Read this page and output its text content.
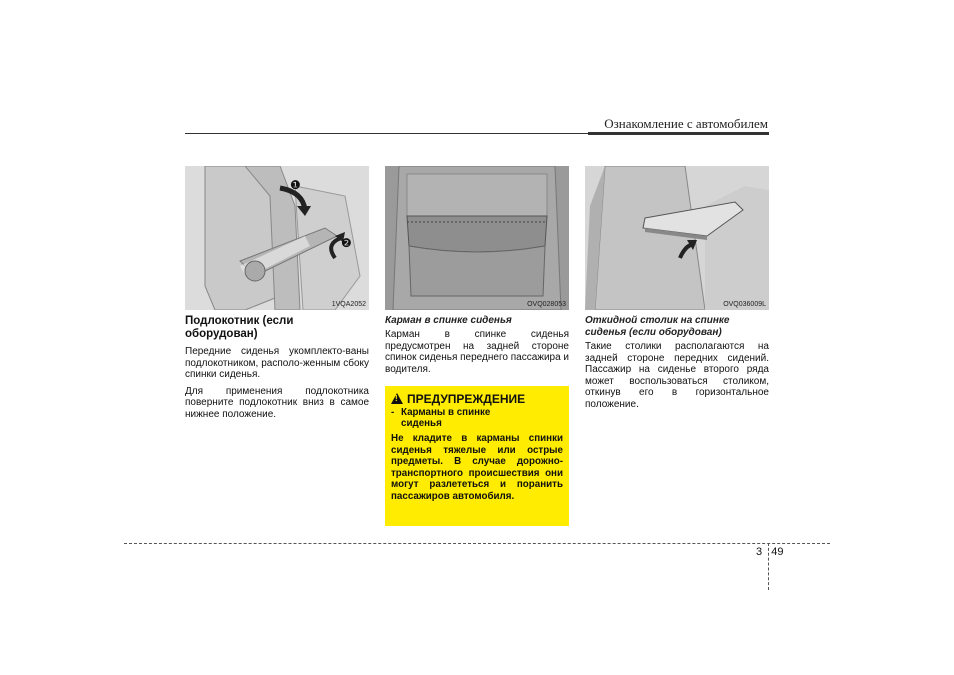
Ознакомление с автомобилем
❶
❷
1VQA2052	OVQ028053	OVQ036009L
Подлокотник (если оборудован)
Передние сиденья укомплекто-ваны подлокотником, располо-женным сбоку спинки сиденья.
Для применения подлокотника поверните подлокотник вниз в самое нижнее положение.
Карман в спинке сиденья
Карман в спинке сиденья предусмотрен на задней стороне спинок сиденья переднего пассажира и водителя.
!ПРЕДУПРЕЖДЕНИЕ
- Карманы в спинке сиденья
Не кладите в карманы спинки сиденья тяжелые или острые предметы. В случае дорожно-транспортного происшествия они могут разлететься и поранить пассажиров автомобиля.
Откидной столик на спинке сиденья (если оборудован)
Такие столики располагаются на задней стороне передних сидений. Пассажир на сиденье второго ряда может воспользоваться столиком, откинув его в горизонтальное положение.
3 49
